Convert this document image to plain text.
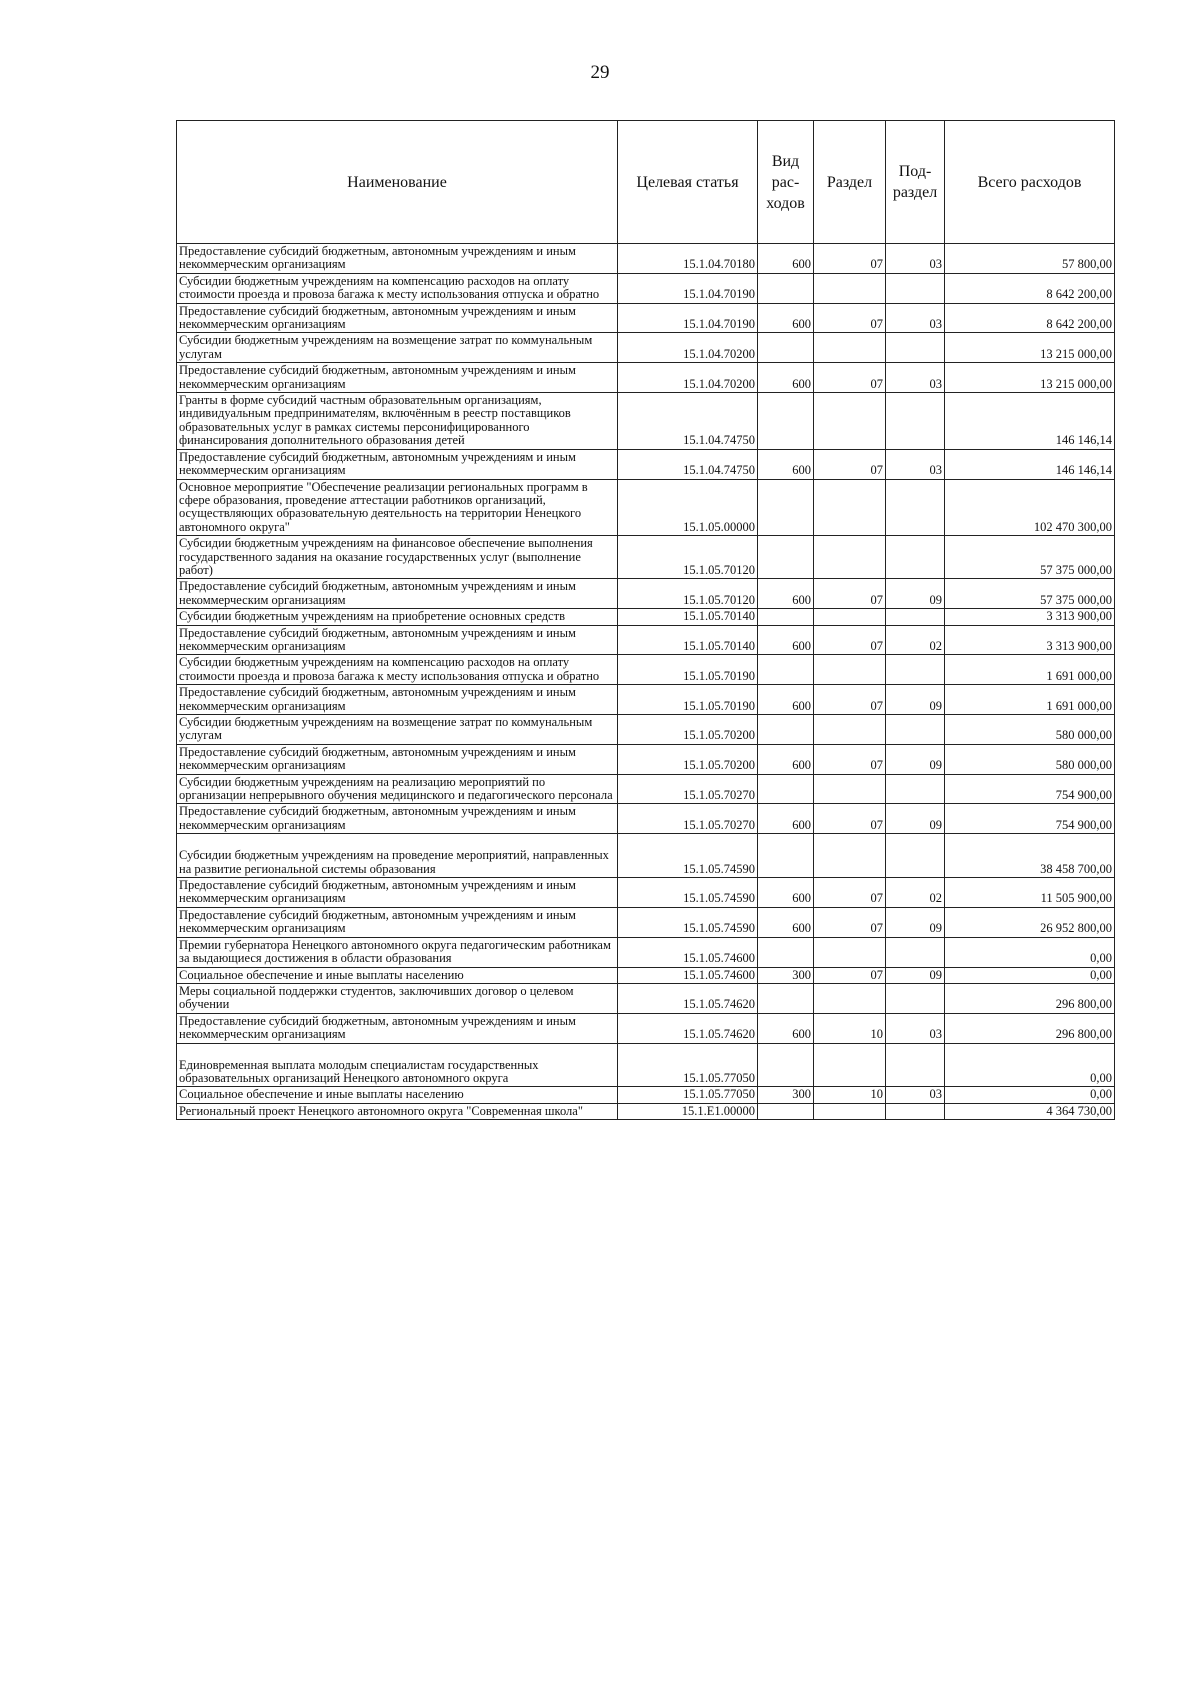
29
Наименование	Целевая статья	Вид рас- ходов	Раздел	Под- раздел	Всего расходов
Предоставление субсидий бюджетным, автономным учреждениям и иным некоммерческим организациям	15.1.04.70180	600	07	03	57 800,00
Субсидии бюджетным учреждениям на компенсацию расходов на оплату стоимости проезда и провоза багажа к месту использования отпуска и обратно	15.1.04.70190				8 642 200,00
Предоставление субсидий бюджетным, автономным учреждениям и иным некоммерческим организациям	15.1.04.70190	600	07	03	8 642 200,00
Субсидии бюджетным учреждениям на возмещение затрат по коммунальным услугам	15.1.04.70200				13 215 000,00
Предоставление субсидий бюджетным, автономным учреждениям и иным некоммерческим организациям	15.1.04.70200	600	07	03	13 215 000,00
Гранты в форме субсидий частным образовательным организациям, индивидуальным предпринимателям, включённым в реестр поставщиков образовательных услуг в рамках системы персонифицированного финансирования дополнительного образования детей	15.1.04.74750				146 146,14
Предоставление субсидий бюджетным, автономным учреждениям и иным некоммерческим организациям	15.1.04.74750	600	07	03	146 146,14
Основное мероприятие "Обеспечение реализации региональных программ в сфере образования, проведение аттестации работников организаций, осуществляющих образовательную деятельность на территории Ненецкого автономного округа"	15.1.05.00000				102 470 300,00
Субсидии бюджетным учреждениям на финансовое обеспечение выполнения государственного задания на оказание государственных услуг (выполнение работ)	15.1.05.70120				57 375 000,00
Предоставление субсидий бюджетным, автономным учреждениям и иным некоммерческим организациям	15.1.05.70120	600	07	09	57 375 000,00
Субсидии бюджетным учреждениям на приобретение основных средств	15.1.05.70140				3 313 900,00
Предоставление субсидий бюджетным, автономным учреждениям и иным некоммерческим организациям	15.1.05.70140	600	07	02	3 313 900,00
Субсидии бюджетным учреждениям на компенсацию расходов на оплату стоимости проезда и провоза багажа к месту использования отпуска и обратно	15.1.05.70190				1 691 000,00
Предоставление субсидий бюджетным, автономным учреждениям и иным некоммерческим организациям	15.1.05.70190	600	07	09	1 691 000,00
Субсидии бюджетным учреждениям на возмещение затрат по коммунальным услугам	15.1.05.70200				580 000,00
Предоставление субсидий бюджетным, автономным учреждениям и иным некоммерческим организациям	15.1.05.70200	600	07	09	580 000,00
Субсидии бюджетным учреждениям на реализацию мероприятий по организации непрерывного обучения медицинского и педагогического персонала	15.1.05.70270				754 900,00
Предоставление субсидий бюджетным, автономным учреждениям и иным некоммерческим организациям	15.1.05.70270	600	07	09	754 900,00

Субсидии бюджетным учреждениям на проведение мероприятий, направленных на развитие региональной системы образования	15.1.05.74590				38 458 700,00
Предоставление субсидий бюджетным, автономным учреждениям и иным некоммерческим организациям	15.1.05.74590	600	07	02	11 505 900,00
Предоставление субсидий бюджетным, автономным учреждениям и иным некоммерческим организациям	15.1.05.74590	600	07	09	26 952 800,00
Премии губернатора Ненецкого автономного округа педагогическим работникам за выдающиеся достижения в области образования	15.1.05.74600				0,00
Социальное обеспечение и иные выплаты населению	15.1.05.74600	300	07	09	0,00
Меры социальной поддержки студентов, заключивших договор о целевом обучении	15.1.05.74620				296 800,00
Предоставление субсидий бюджетным, автономным учреждениям и иным некоммерческим организациям	15.1.05.74620	600	10	03	296 800,00

Единовременная выплата молодым специалистам государственных образовательных организаций Ненецкого автономного округа	15.1.05.77050				0,00
Социальное обеспечение и иные выплаты населению	15.1.05.77050	300	10	03	0,00
Региональный проект Ненецкого автономного округа "Современная школа"	15.1.E1.00000				4 364 730,00
